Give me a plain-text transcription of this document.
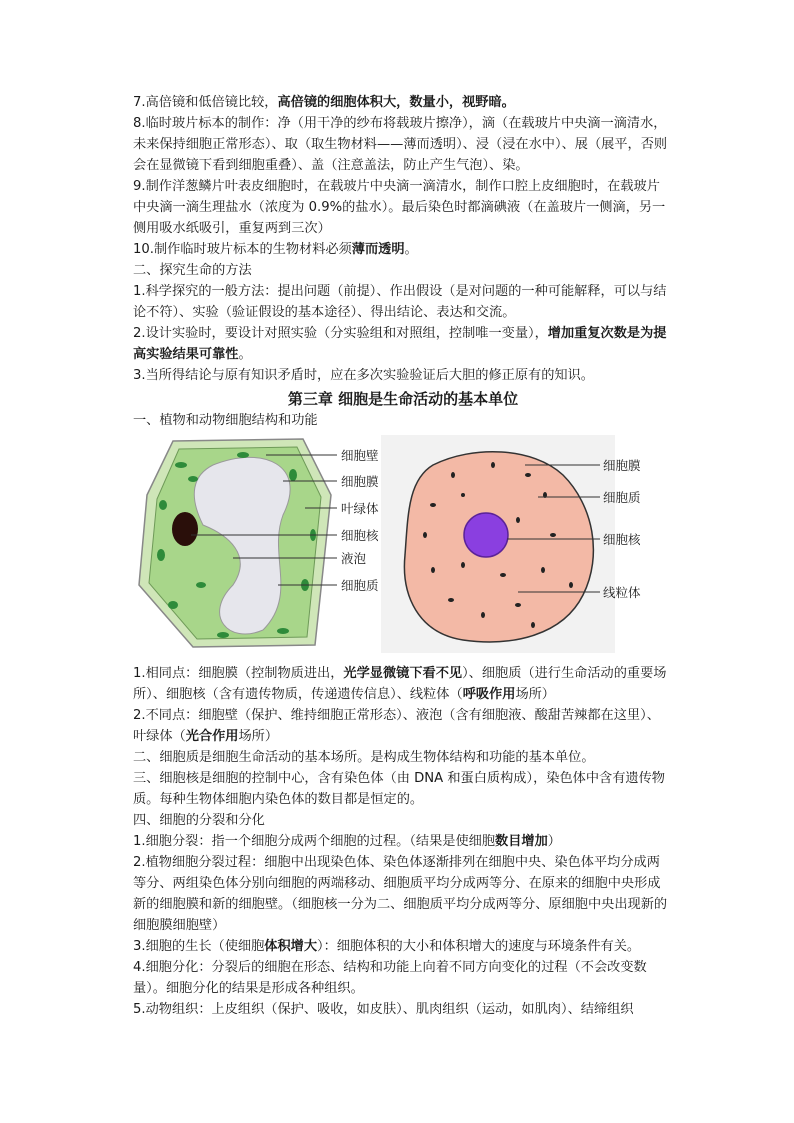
7.高倍镜和低倍镜比较，高倍镜的细胞体积大，数量小，视野暗。

8.临时玻片标本的制作：净（用干净的纱布将载玻片擦净），滴（在载玻片中央滴一滴清水，未来保持细胞正常形态）、取（取生物材料——薄而透明）、浸（浸在水中）、展（展平，否则会在显微镜下看到细胞重叠）、盖（注意盖法，防止产生气泡）、染。

9.制作洋葱鳞片叶表皮细胞时，在载玻片中央滴一滴清水，制作口腔上皮细胞时，在载玻片中央滴一滴生理盐水（浓度为 0.9%的盐水）。最后染色时都滴碘液（在盖玻片一侧滴，另一侧用吸水纸吸引，重复两到三次）

10.制作临时玻片标本的生物材料必须薄而透明。

二、探究生命的方法

1.科学探究的一般方法：提出问题（前提）、作出假设（是对问题的一种可能解释，可以与结论不符）、实验（验证假设的基本途径）、得出结论、表达和交流。

2.设计实验时，要设计对照实验（分实验组和对照组，控制唯一变量），增加重复次数是为提高实验结果可靠性。

3.当所得结论与原有知识矛盾时，应在多次实验验证后大胆的修正原有的知识。

第三章 细胞是生命活动的基本单位

一、植物和动物细胞结构和功能

细胞壁
细胞膜
叶绿体
细胞核
液泡
细胞质
细胞膜
细胞质
细胞核
线粒体

1.相同点：细胞膜（控制物质进出，光学显微镜下看不见）、细胞质（进行生命活动的重要场所）、细胞核（含有遗传物质，传递遗传信息）、线粒体（呼吸作用场所）

2.不同点：细胞壁（保护、维持细胞正常形态）、液泡（含有细胞液、酸甜苦辣都在这里）、叶绿体（光合作用场所）

二、细胞质是细胞生命活动的基本场所。是构成生物体结构和功能的基本单位。

三、细胞核是细胞的控制中心，含有染色体（由 DNA 和蛋白质构成），染色体中含有遗传物质。每种生物体细胞内染色体的数目都是恒定的。

四、细胞的分裂和分化

1.细胞分裂：指一个细胞分成两个细胞的过程。（结果是使细胞数目增加）

2.植物细胞分裂过程：细胞中出现染色体、染色体逐渐排列在细胞中央、染色体平均分成两等分、两组染色体分别向细胞的两端移动、细胞质平均分成两等分、在原来的细胞中央形成新的细胞膜和新的细胞壁。（细胞核一分为二、细胞质平均分成两等分、原细胞中央出现新的细胞膜细胞壁）

3.细胞的生长（使细胞体积增大）：细胞体积的大小和体积增大的速度与环境条件有关。

4.细胞分化：分裂后的细胞在形态、结构和功能上向着不同方向变化的过程（不会改变数量）。细胞分化的结果是形成各种组织。

5.动物组织：上皮组织（保护、吸收，如皮肤）、肌肉组织（运动，如肌肉）、结缔组织
